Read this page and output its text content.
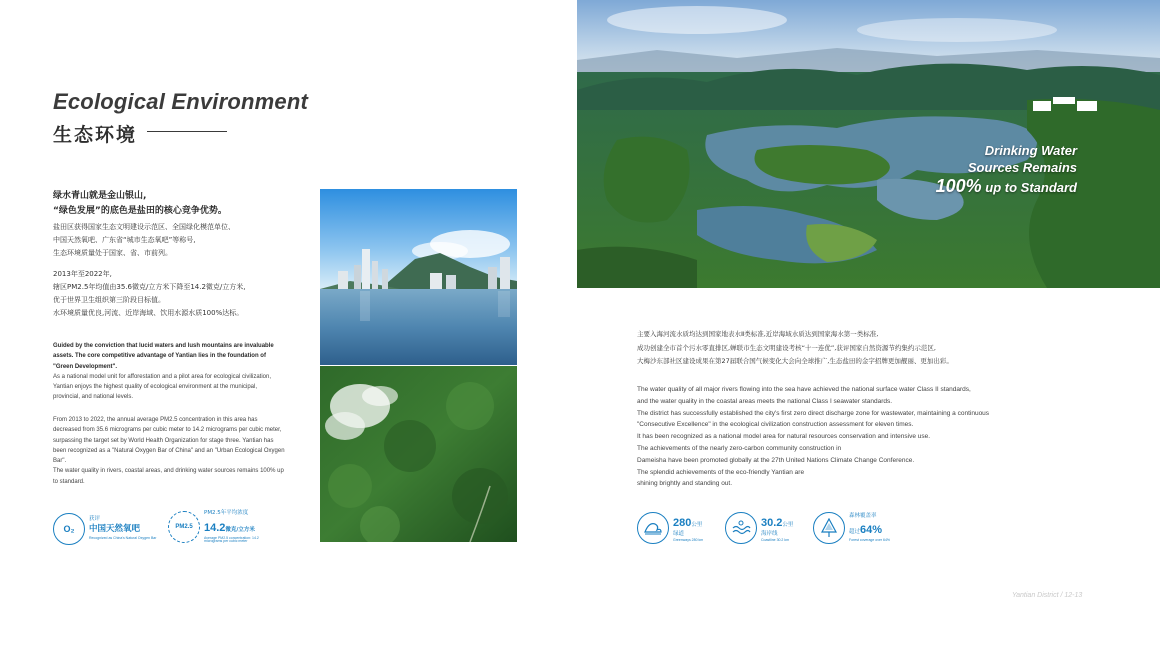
Ecological Environment
生态环境
绿水青山就是金山银山,
“绿色发展”的底色是盐田的核心竞争优势。
盐田区获得国家生态文明建设示范区、全国绿化模范单位、
中国天然氧吧、广东省“城市生态氧吧”等称号,
生态环境质量处于国家、省、市前列。
2013年至2022年,
辖区PM2.5年均值由35.6微克/立方米下降至14.2微克/立方米,
优于世界卫生组织第三阶段目标值。
水环境质量优良,河流、近岸海域、饮用水源水质100%达标。
Guided by the conviction that lucid waters and lush mountains are invaluable assets. The core competitive advantage of Yantian lies in the foundation of "Green Development".
As a national model unit for afforestation and a pilot area for ecological civilization, Yantian enjoys the highest quality of ecological environment at the municipal, provincial, and national levels.
From 2013 to 2022, the annual average PM2.5 concentration in this area has decreased from 35.6 micrograms per cubic meter to 14.2 micrograms per cubic meter, surpassing the target set by World Health Organization for stage three. Yantian has been recognized as a "Natural Oxygen Bar of China" and an "Urban Ecological Oxygen Bar".
The water quality in rivers, coastal areas, and drinking water sources remains 100% up to standard.
O₂
获评
中国天然氧吧
Recognized as China's Natural Oxygen Bar
PM2.5
PM2.5年平均浓度
14.2微克/立方米
Average PM2.5 concentration: 14.2 micrograms per cubic meter
Drinking Water
Sources Remains
100% up to Standard
主要入海河流水质均达到国家地表水Ⅱ类标准,近岸海域水质达到国家海水第一类标准,
成功创建全市首个污水零直排区,蝉联市生态文明建设考核“十一连优”,获评国家自然资源节约集约示范区,
大梅沙东部社区建设成果在第27届联合国气候变化大会向全球推广,生态盐田的金字招牌更加靓丽、更加出彩。
The water quality of all major rivers flowing into the sea have achieved the national surface water Class II standards,
and the water quality in the coastal areas meets the national Class I seawater standards.
The district has successfully established the city's first zero direct discharge zone for wastewater, maintaining a continuous
"Consecutive Excellence" in the ecological civilization construction assessment for eleven times.
It has been recognized as a national model area for natural resources conservation and intensive use.
The achievements of the nearly zero-carbon community construction in
Dameisha have been promoted globally at the 27th United Nations Climate Change Conference.
The splendid achievements of the eco-friendly Yantian are
shining brightly and standing out.
280公里
绿道
Greenways 280 km
30.2公里
海岸线
Coastline 30.2 km
森林覆盖率
超过64%
Forest coverage over 64%
Yantian District / 12-13
